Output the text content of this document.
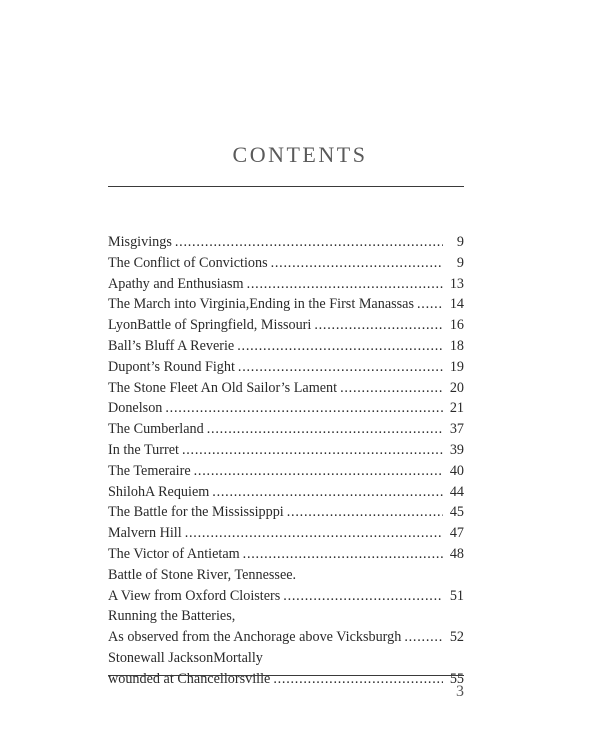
CONTENTS
Misgivings . . .	9
The Conflict of Convictions . . .	9
Apathy and Enthusiasm . . .	13
The March into Virginia,Ending in the First Manassas . . .	14
LyonBattle of Springfield, Missouri . . .	16
Ball’s Bluff A Reverie . . .	18
Dupont’s Round Fight . . .	19
The Stone Fleet An Old Sailor’s Lament . . .	20
Donelson . . .	21
The Cumberland . . .	37
In the Turret . . .	39
The Temeraire . . .	40
ShilohA Requiem . . .	44
The Battle for the Mississipppi . . .	45
Malvern Hill . . .	47
The Victor of Antietam . . .	48
Battle of Stone River, Tennessee.
A View from Oxford Cloisters . . .	51
Running the Batteries,
As observed from the Anchorage above Vicksburgh . . .	52
Stonewall JacksonMortally
wounded at Chancellorsville . . .	55
3
